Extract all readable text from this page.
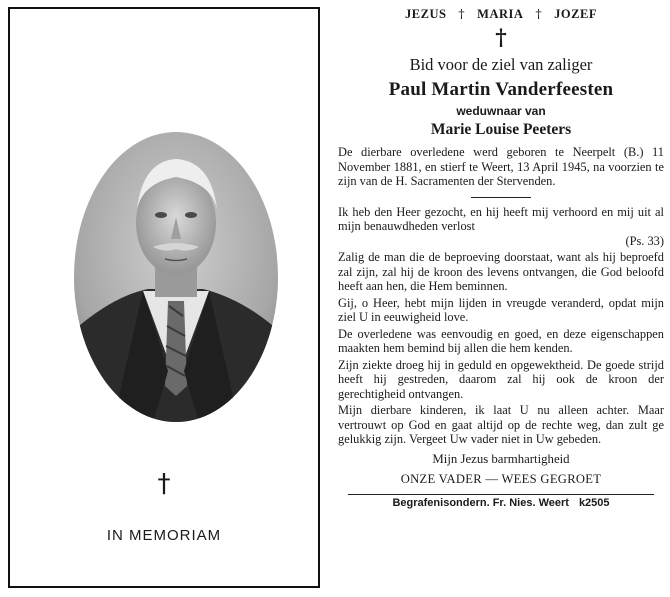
†
IN MEMORIAM
JEZUS † MARIA † JOZEF
†
Bid voor de ziel van zaliger
Paul Martin Vanderfeesten
weduwnaar van
Marie Louise Peeters
De dierbare overledene werd geboren te Neerpelt (B.) 11 November 1881, en stierf te Weert, 13 April 1945, na voorzien te zijn van de H. Sacramenten der Stervenden.
Ik heb den Heer gezocht, en hij heeft mij verhoord en mij uit al mijn benauwdheden verlost
(Ps. 33)
Zalig de man die de beproeving doorstaat, want als hij beproefd zal zijn, zal hij de kroon des levens ontvangen, die God beloofd heeft aan hen, die Hem beminnen.
Gij, o Heer, hebt mijn lijden in vreugde veranderd, opdat mijn ziel U in eeuwigheid love.
De overledene was eenvoudig en goed, en deze eigenschappen maakten hem bemind bij allen die hem kenden.
Zijn ziekte droeg hij in geduld en opgewektheid. De goede strijd heeft hij gestreden, daarom zal hij ook de kroon der gerechtigheid ontvangen.
Mijn dierbare kinderen, ik laat U nu alleen achter. Maar vertrouwt op God en gaat altijd op de rechte weg, dan zult ge gelukkig zijn. Vergeet Uw vader niet in Uw gebeden.
Mijn Jezus barmhartigheid
ONZE VADER — WEES GEGROET
Begrafenisondern. Fr. Nies. Weert k2505
